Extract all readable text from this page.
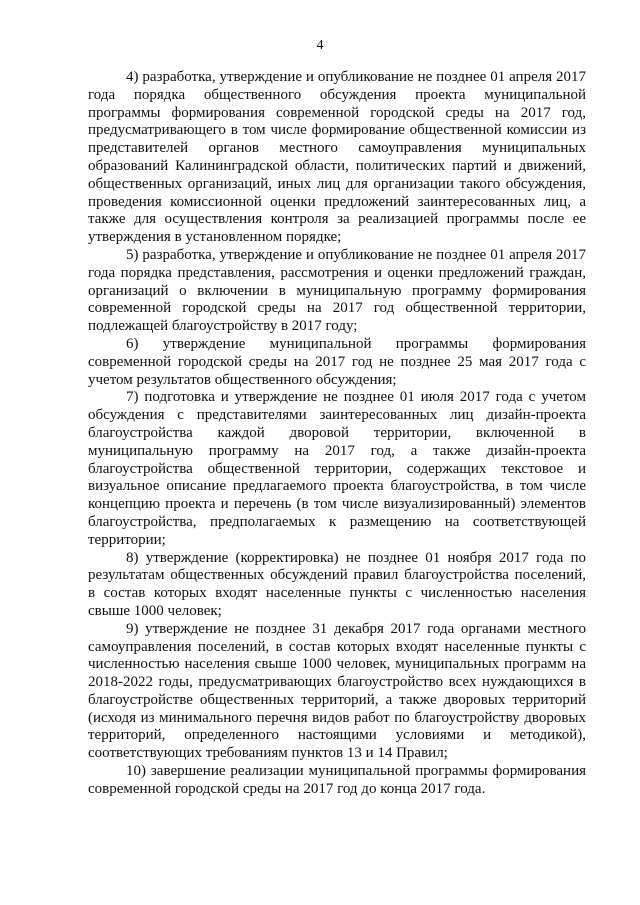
4

4) разработка, утверждение и опубликование не позднее 01 апреля 2017 года порядка общественного обсуждения проекта муниципальной программы формирования современной городской среды на 2017 год, предусматривающего в том числе формирование общественной комиссии из представителей органов местного самоуправления муниципальных образований Калининградской области, политических партий и движений, общественных организаций, иных лиц для организации такого обсуждения, проведения комиссионной оценки предложений заинтересованных лиц, а также для осуществления контроля за реализацией программы после ее утверждения в установленном порядке;

5) разработка, утверждение и опубликование не позднее 01 апреля 2017 года порядка представления, рассмотрения и оценки предложений граждан, организаций о включении в муниципальную программу формирования современной городской среды на 2017 год общественной территории, подлежащей благоустройству в 2017 году;

6) утверждение муниципальной программы формирования современной городской среды на 2017 год не позднее 25 мая 2017 года с учетом результатов общественного обсуждения;

7) подготовка и утверждение не позднее 01 июля 2017 года с учетом обсуждения с представителями заинтересованных лиц дизайн-проекта благоустройства каждой дворовой территории, включенной в муниципальную программу на 2017 год, а также дизайн-проекта благоустройства общественной территории, содержащих текстовое и визуальное описание предлагаемого проекта благоустройства, в том числе концепцию проекта и перечень (в том числе визуализированный) элементов благоустройства, предполагаемых к размещению на соответствующей территории;

8) утверждение (корректировка) не позднее 01 ноября 2017 года по результатам общественных обсуждений правил благоустройства поселений, в состав которых входят населенные пункты с численностью населения свыше 1000 человек;

9) утверждение не позднее 31 декабря 2017 года органами местного самоуправления поселений, в состав которых входят населенные пункты с численностью населения свыше 1000 человек, муниципальных программ на 2018-2022 годы, предусматривающих благоустройство всех нуждающихся в благоустройстве общественных территорий, а также дворовых территорий (исходя из минимального перечня видов работ по благоустройству дворовых территорий, определенного настоящими условиями и методикой), соответствующих требованиям пунктов 13 и 14 Правил;

10) завершение реализации муниципальной программы формирования современной городской среды на 2017 год до конца 2017 года.
